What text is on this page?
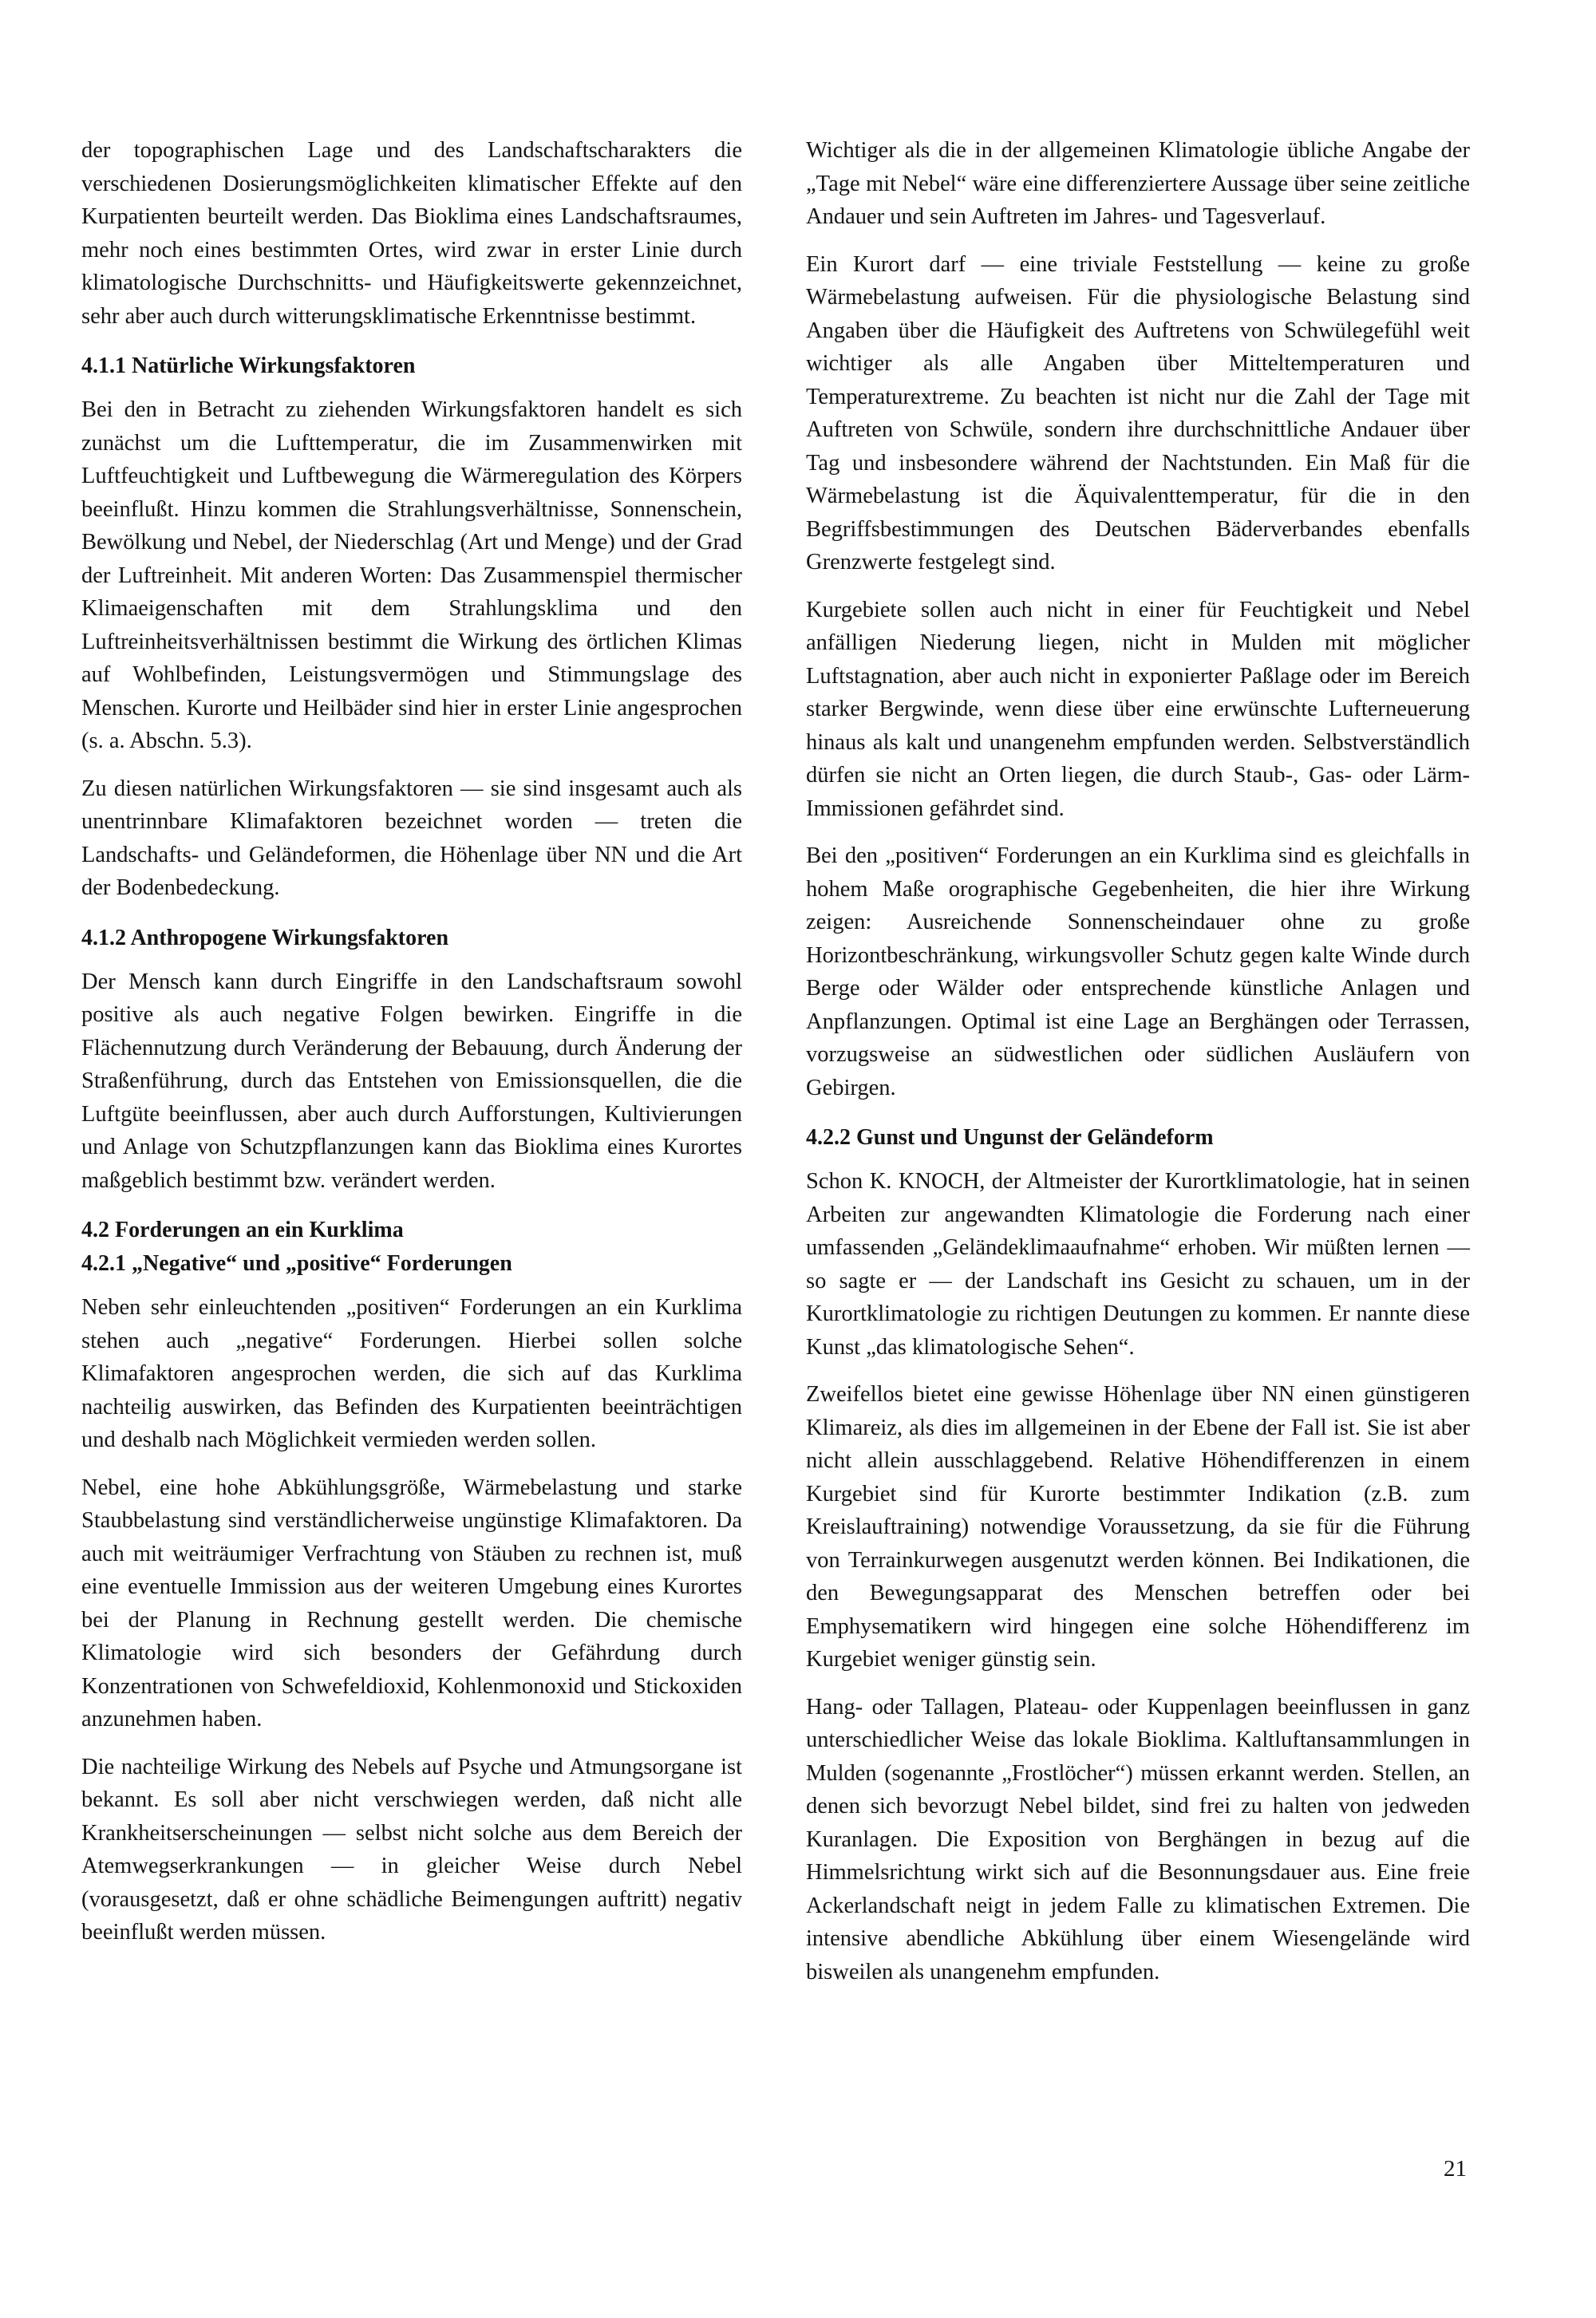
der topographischen Lage und des Landschaftscharakters die verschiedenen Dosierungsmöglichkeiten klimatischer Effekte auf den Kurpatienten beurteilt werden. Das Bioklima eines Landschaftsraumes, mehr noch eines bestimmten Ortes, wird zwar in erster Linie durch klimatologische Durchschnitts- und Häufigkeitswerte gekennzeichnet, sehr aber auch durch witterungsklimatische Erkenntnisse bestimmt.

4.1.1 Natürliche Wirkungsfaktoren

Bei den in Betracht zu ziehenden Wirkungsfaktoren handelt es sich zunächst um die Lufttemperatur, die im Zusammenwirken mit Luftfeuchtigkeit und Luftbewegung die Wärmeregulation des Körpers beeinflußt. Hinzu kommen die Strahlungsverhältnisse, Sonnenschein, Bewölkung und Nebel, der Niederschlag (Art und Menge) und der Grad der Luftreinheit. Mit anderen Worten: Das Zusammenspiel thermischer Klimaeigenschaften mit dem Strahlungsklima und den Luftreinheitsverhältnissen bestimmt die Wirkung des örtlichen Klimas auf Wohlbefinden, Leistungsvermögen und Stimmungslage des Menschen. Kurorte und Heilbäder sind hier in erster Linie angesprochen (s. a. Abschn. 5.3).

Zu diesen natürlichen Wirkungsfaktoren — sie sind insgesamt auch als unentrinnbare Klimafaktoren bezeichnet worden — treten die Landschafts- und Geländeformen, die Höhenlage über NN und die Art der Bodenbedeckung.

4.1.2 Anthropogene Wirkungsfaktoren

Der Mensch kann durch Eingriffe in den Landschaftsraum sowohl positive als auch negative Folgen bewirken. Eingriffe in die Flächennutzung durch Veränderung der Bebauung, durch Änderung der Straßenführung, durch das Entstehen von Emissionsquellen, die die Luftgüte beeinflussen, aber auch durch Aufforstungen, Kultivierungen und Anlage von Schutzpflanzungen kann das Bioklima eines Kurortes maßgeblich bestimmt bzw. verändert werden.

4.2 Forderungen an ein Kurklima
4.2.1 „Negative“ und „positive“ Forderungen

Neben sehr einleuchtenden „positiven“ Forderungen an ein Kurklima stehen auch „negative“ Forderungen. Hierbei sollen solche Klimafaktoren angesprochen werden, die sich auf das Kurklima nachteilig auswirken, das Befinden des Kurpatienten beeinträchtigen und deshalb nach Möglichkeit vermieden werden sollen.

Nebel, eine hohe Abkühlungsgröße, Wärmebelastung und starke Staubbelastung sind verständlicherweise ungünstige Klimafaktoren. Da auch mit weiträumiger Verfrachtung von Stäuben zu rechnen ist, muß eine eventuelle Immission aus der weiteren Umgebung eines Kurortes bei der Planung in Rechnung gestellt werden. Die chemische Klimatologie wird sich besonders der Gefährdung durch Konzentrationen von Schwefeldioxid, Kohlenmonoxid und Stickoxiden anzunehmen haben.

Die nachteilige Wirkung des Nebels auf Psyche und Atmungsorgane ist bekannt. Es soll aber nicht verschwiegen werden, daß nicht alle Krankheitserscheinungen — selbst nicht solche aus dem Bereich der Atemwegserkrankungen — in gleicher Weise durch Nebel (vorausgesetzt, daß er ohne schädliche Beimengungen auftritt) negativ beeinflußt werden müssen.

Wichtiger als die in der allgemeinen Klimatologie übliche Angabe der „Tage mit Nebel“ wäre eine differenziertere Aussage über seine zeitliche Andauer und sein Auftreten im Jahres- und Tagesverlauf.

Ein Kurort darf — eine triviale Feststellung — keine zu große Wärmebelastung aufweisen. Für die physiologische Belastung sind Angaben über die Häufigkeit des Auftretens von Schwülegefühl weit wichtiger als alle Angaben über Mitteltemperaturen und Temperaturextreme. Zu beachten ist nicht nur die Zahl der Tage mit Auftreten von Schwüle, sondern ihre durchschnittliche Andauer über Tag und insbesondere während der Nachtstunden. Ein Maß für die Wärmebelastung ist die Äquivalenttemperatur, für die in den Begriffsbestimmungen des Deutschen Bäderverbandes ebenfalls Grenzwerte festgelegt sind.

Kurgebiete sollen auch nicht in einer für Feuchtigkeit und Nebel anfälligen Niederung liegen, nicht in Mulden mit möglicher Luftstagnation, aber auch nicht in exponierter Paßlage oder im Bereich starker Bergwinde, wenn diese über eine erwünschte Lufterneuerung hinaus als kalt und unangenehm empfunden werden. Selbstverständlich dürfen sie nicht an Orten liegen, die durch Staub-, Gas- oder Lärm-Immissionen gefährdet sind.

Bei den „positiven“ Forderungen an ein Kurklima sind es gleichfalls in hohem Maße orographische Gegebenheiten, die hier ihre Wirkung zeigen: Ausreichende Sonnenscheindauer ohne zu große Horizontbeschränkung, wirkungsvoller Schutz gegen kalte Winde durch Berge oder Wälder oder entsprechende künstliche Anlagen und Anpflanzungen. Optimal ist eine Lage an Berghängen oder Terrassen, vorzugsweise an südwestlichen oder südlichen Ausläufern von Gebirgen.

4.2.2 Gunst und Ungunst der Geländeform

Schon K. KNOCH, der Altmeister der Kurortklimatologie, hat in seinen Arbeiten zur angewandten Klimatologie die Forderung nach einer umfassenden „Geländeklimaaufnahme“ erhoben. Wir müßten lernen — so sagte er — der Landschaft ins Gesicht zu schauen, um in der Kurortklimatologie zu richtigen Deutungen zu kommen. Er nannte diese Kunst „das klimatologische Sehen“.

Zweifellos bietet eine gewisse Höhenlage über NN einen günstigeren Klimareiz, als dies im allgemeinen in der Ebene der Fall ist. Sie ist aber nicht allein ausschlaggebend. Relative Höhendifferenzen in einem Kurgebiet sind für Kurorte bestimmter Indikation (z.B. zum Kreislauftraining) notwendige Voraussetzung, da sie für die Führung von Terrainkurwegen ausgenutzt werden können. Bei Indikationen, die den Bewegungsapparat des Menschen betreffen oder bei Emphysematikern wird hingegen eine solche Höhendifferenz im Kurgebiet weniger günstig sein.

Hang- oder Tallagen, Plateau- oder Kuppenlagen beeinflussen in ganz unterschiedlicher Weise das lokale Bioklima. Kaltluftansammlungen in Mulden (sogenannte „Frostlöcher“) müssen erkannt werden. Stellen, an denen sich bevorzugt Nebel bildet, sind frei zu halten von jedweden Kuranlagen. Die Exposition von Berghängen in bezug auf die Himmelsrichtung wirkt sich auf die Besonnungsdauer aus. Eine freie Ackerlandschaft neigt in jedem Falle zu klimatischen Extremen. Die intensive abendliche Abkühlung über einem Wiesengelände wird bisweilen als unangenehm empfunden.

21
